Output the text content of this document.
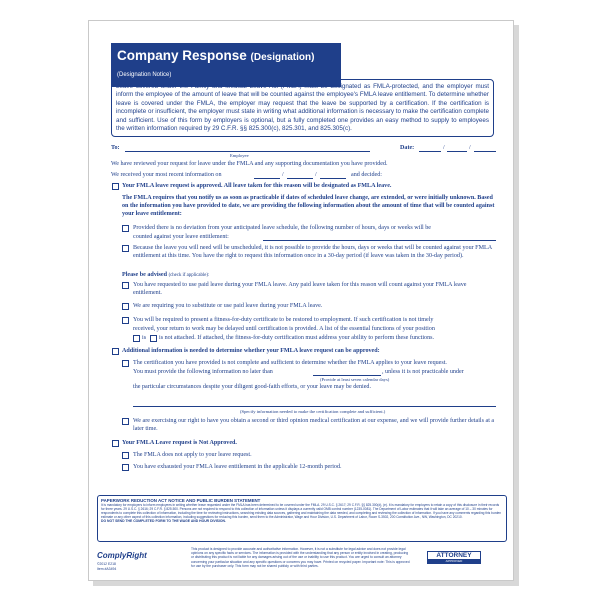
Company Response (Designation)
(Designation Notice)
Leave covered under the Family and Medical Leave Act (FMLA) must be designated as FMLA-protected, and the employer must inform the employee of the amount of leave that will be counted against the employee's FMLA leave entitlement. To determine whether leave is covered under the FMLA, the employer may request that the leave be supported by a certification. If the certification is incomplete or insufficient, the employer must state in writing what additional information is necessary to make the certification complete and sufficient. Use of this form by employers is optional, but a fully completed one provides an easy method to supply to employees the written information required by 29 C.F.R. §§ 825.300(c), 825.301, and 825.305(c).
To:
Employee
Date:	/	/
We have reviewed your request for leave under the FMLA and any supporting documentation you have provided.
We received your most recent information on	/	/	and decided:
Your FMLA leave request is approved. All leave taken for this reason will be designated as FMLA leave.
The FMLA requires that you notify us as soon as practicable if dates of scheduled leave change, are extended, or were initially unknown. Based on the information you have provided to date, we are providing the following information about the amount of time that will be counted against your leave entitlement:
Provided there is no deviation from your anticipated leave schedule, the following number of hours, days or weeks will be
counted against your leave entitlement:
Because the leave you will need will be unscheduled, it is not possible to provide the hours, days or weeks that will be counted against your FMLA entitlement at this time. You have the right to request this information once in a 30-day period (if leave was taken in the 30-day period).
Please be advised (check if applicable):
You have requested to use paid leave during your FMLA leave. Any paid leave taken for this reason will count against your FMLA leave entitlement.
We are requiring you to substitute or use paid leave during your FMLA leave.
You will be required to present a fitness-for-duty certificate to be restored to employment. If such certification is not timely
received, your return to work may be delayed until certification is provided. A list of the essential functions of your position
is is not attached. If attached, the fitness-for-duty certification must address your ability to perform these functions.
Additional information is needed to determine whether your FMLA leave request can be approved:
The certification you have provided is not complete and sufficient to determine whether the FMLA applies to your leave request.
You must provide the following information no later than	, unless it is not practicable under
(Provide at least seven calendar days)
the particular circumstances despite your diligent good-faith efforts, or your leave may be denied.
(Specify information needed to make the certification complete and sufficient.)
We are exercising our right to have you obtain a second or third opinion medical certification at our expense, and we will provide further details at a later time.
Your FMLA Leave request is Not Approved.
The FMLA does not apply to your leave request.
You have exhausted your FMLA leave entitlement in the applicable 12-month period.
PAPERWORK REDUCTION ACT NOTICE AND PUBLIC BURDEN STATEMENT
It is mandatory for employers to inform employees in writing whether leave requested under the FMLA has been determined to be covered under the FMLA. 29 U.S.C. § 2617; 29 C.F.R. §§ 825.300(d), (e). It is mandatory for employers to retain a copy of this disclosure in their records for three years. 29 U.S.C. § 2616; 29 C.F.R. § 825.500. Persons are not required to respond to this collection of information unless it displays a currently valid OMB control number (1235-0081). The Department of Labor estimates that it will take an average of 10 – 30 minutes for respondents to complete this collection of information, including the time for reviewing instructions, searching existing data sources, gathering and maintaining the data needed, and completing and reviewing the collection of information. If you have any comments regarding this burden estimate or any other aspect of this collection information, including suggestions for reducing this burden, send them to the Administrator, Wage and Hour Division, U.S. Department of Labor, Room S-3502, 200 Constitution Ave., NW, Washington, DC 20210.
DO NOT SEND THE COMPLETED FORM TO THE WAGE AND HOUR DIVISION.
ComplyRight
©2012 E218
Item #A3494
This product is designed to provide accurate and authoritative information. However, it is not a substitute for legal advice and does not provide legal opinions on any specific facts or services. The information is provided with the understanding that any person or entity involved in creating, producing or distributing this product is not liable for any damages arising out of the use or inability to use this product. You are urged to consult an attorney concerning your particular situation and any specific questions or concerns you may have. Printed on recycled paper. Important note: This is approved for use by the purchaser only. This form may not be shared publicly or with third parties.
ATTORNEY
APPROVED
